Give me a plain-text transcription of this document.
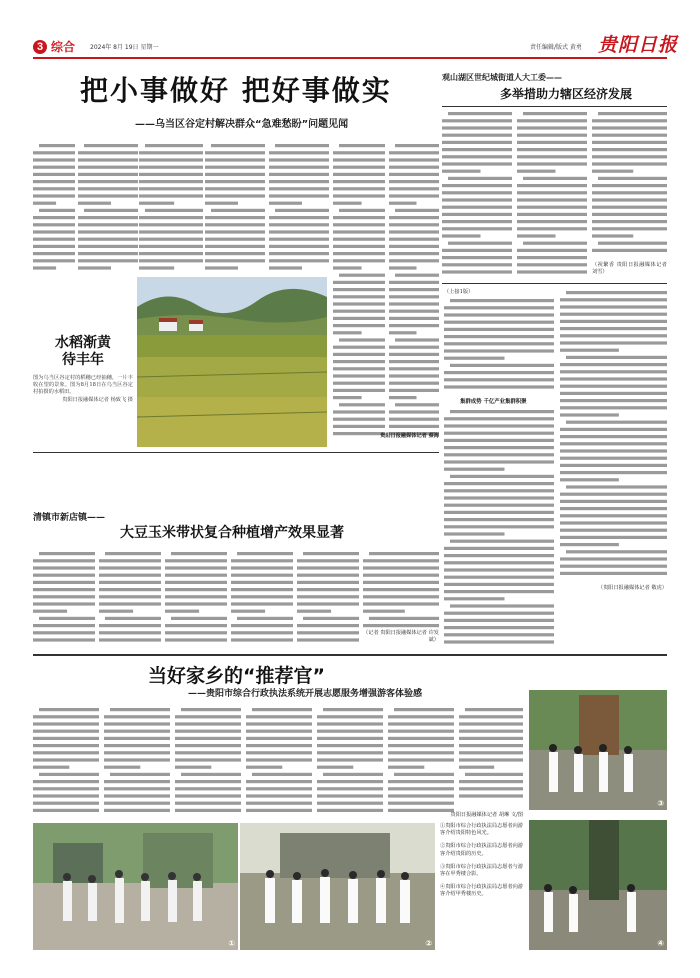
3 综合 2024年 8月 19日 星期一	责任编辑/版式 黄勇 贵阳日报
把小事做好 把好事做实
——乌当区谷定村解决群众“急难愁盼”问题见闻
水稻渐黄
待丰年
图为乌当区谷定村的稻穗已经抽穗，一片丰收在望的景象。图为8月18日在乌当区谷定村拍摄的水稻田。
贵阳日报融媒体记者 杨致飞 摄
贵阳日报融媒体记者 蔡海
观山湖区世纪城街道人大工委——
多举措助力辖区经济发展
（祝繁香 贵阳日报融媒体记者 刘雪）
（上接1版）
集群成势 千亿产业集群积聚
（贵阳日报融媒体记者 敬虎）
清镇市新店镇——
大豆玉米带状复合种植增产效果显著
（记者 贵阳日报融媒体记者 许发斌）
当好家乡的“推荐官”
——贵阳市综合行政执法系统开展志愿服务增强游客体验感
贵阳日报融媒体记者 胡琳 文/图
①	②
③
④
①贵阳市综合行政执法局志愿者向游客介绍贵阳特色风光。
②贵阳市综合行政执法局志愿者向游客介绍贵阳的历史。
③贵阳市综合行政执法局志愿者与游客在甲秀楼合影。
④贵阳市综合行政执法局志愿者向游客介绍甲秀楼历史。
